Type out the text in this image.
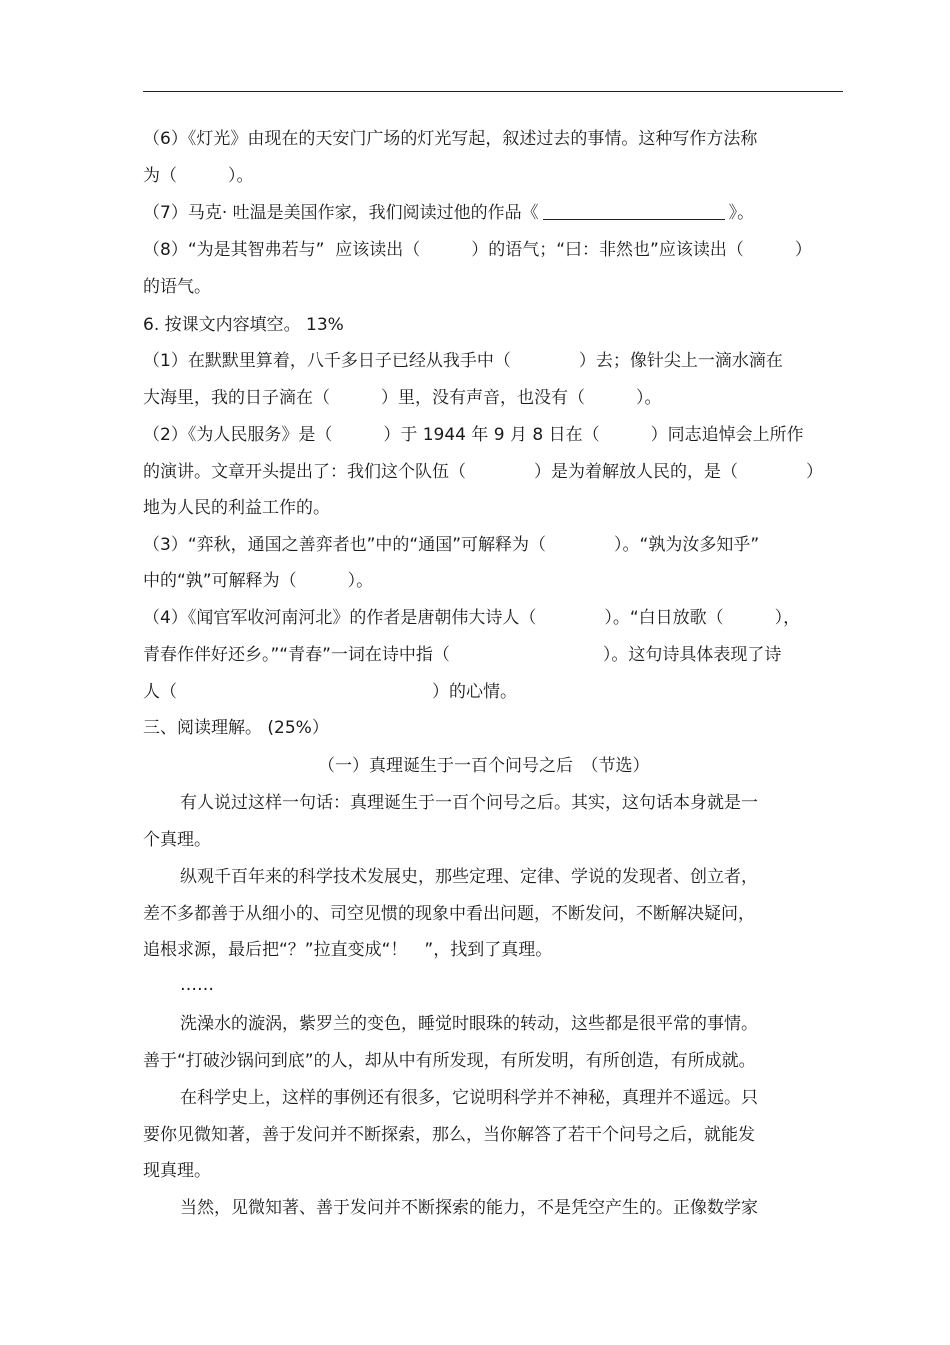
（6）《灯光》由现在的天安门广场的灯光写起，叙述过去的事情。这种写作方法称
为（　　　）。
（7）马克· 吐温是美国作家，我们阅读过他的作品《	》。
（8）“为是其智弗若与”  应该读出（　　　）的语气；“曰：非然也”应该读出（　　　）
的语气。
6. 按课文内容填空。 13%
（1）在默默里算着，八千多日子已经从我手中（　　　　）去；像针尖上一滴水滴在
大海里，我的日子滴在（　　　）里，没有声音，也没有（　　　）。
（2）《为人民服务》是（　　　）于 1944 年 9 月 8 日在（　　　）同志追悼会上所作
的演讲。文章开头提出了：我们这个队伍（　　　　）是为着解放人民的，是（　　　　）
地为人民的利益工作的。
（3）“弈秋，通国之善弈者也”中的“通国”可解释为（　　　　）。“孰为汝多知乎”
中的“孰”可解释为（　　　）。
（4）《闻官军收河南河北》的作者是唐朝伟大诗人（　　　　）。“白日放歌（　　　），
青春作伴好还乡。”“青春”一词在诗中指（　　　　　　　　　）。这句诗具体表现了诗
人（　　　　　　　　　　　　　　　）的心情。
三、阅读理解。 (25%）
（一）真理诞生于一百个问号之后　（节选）
有人说过这样一句话：真理诞生于一百个问号之后。其实，这句话本身就是一
个真理。
纵观千百年来的科学技术发展史，那些定理、定律、学说的发现者、创立者，
差不多都善于从细小的、司空见惯的现象中看出问题，不断发问，不断解决疑问，
追根求源，最后把“？”拉直变成“！　”，找到了真理。
……
洗澡水的漩涡，紫罗兰的变色，睡觉时眼珠的转动，这些都是很平常的事情。
善于“打破沙锅问到底”的人，却从中有所发现，有所发明，有所创造，有所成就。
在科学史上，这样的事例还有很多，它说明科学并不神秘，真理并不遥远。只
要你见微知著，善于发问并不断探索，那么，当你解答了若干个问号之后，就能发
现真理。
当然，见微知著、善于发问并不断探索的能力，不是凭空产生的。正像数学家
